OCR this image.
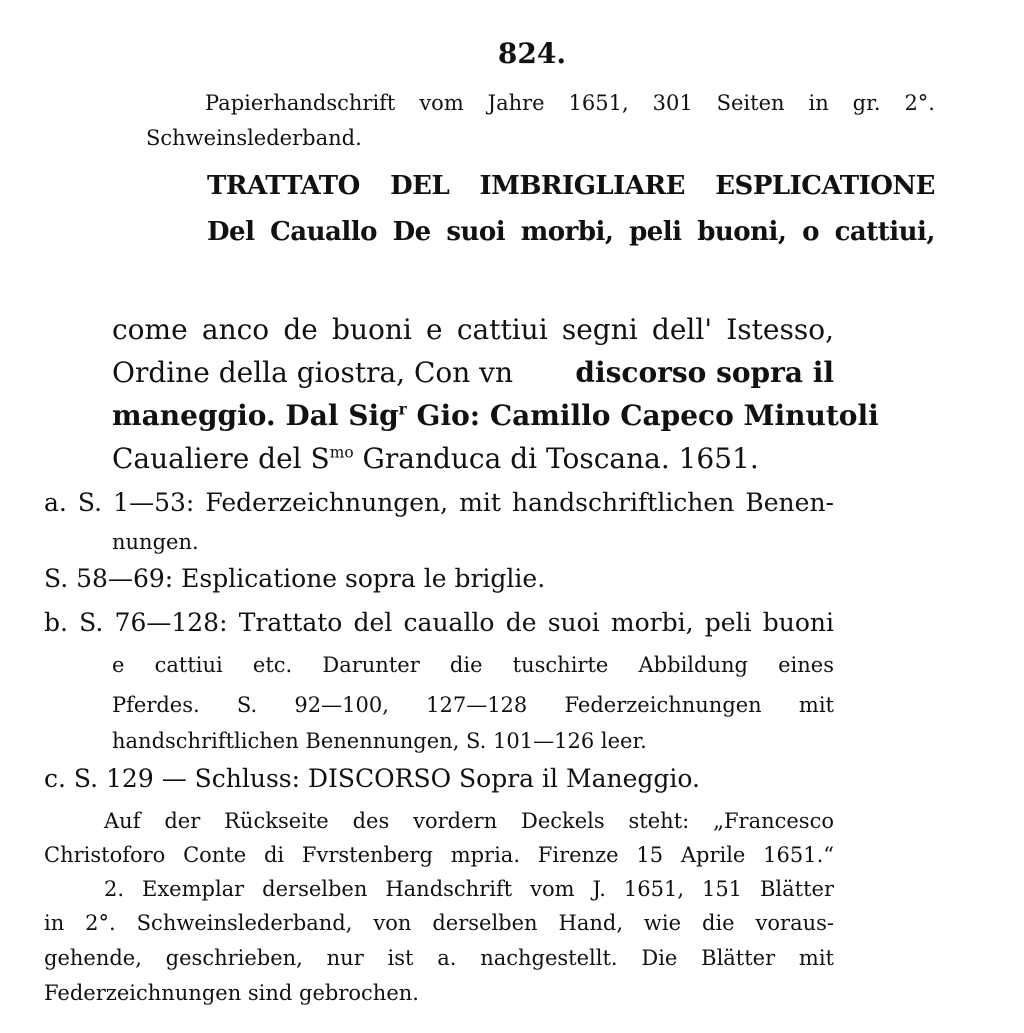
824.
Papierhandschrift vom Jahre 1651, 301 Seiten in gr. 2°.
Schweinslederband.
TRATTATO DEL IMBRIGLIARE ESPLICATIONE
Del Cauallo De suoi morbi, peli buoni, o cattiui,
come anco de buoni e cattiui segni dell' Istesso,
Ordine della giostra, Con vn discorso sopra il
maneggio. Dal Sig$^r$ Gio: Camillo Capeco Minutoli
Caualiere del $S^{mo}$ Granduca di Toscana. 1651.
a. S. 1—53: Federzeichnungen, mit handschriftlichen Benen-
nungen.
S. 58—69: Esplicatione sopra le briglie.
b. S. 76—128: Trattato del cauallo de suoi morbi, peli buoni
e cattiui etc. Darunter die tuschirte Abbildung eines
Pferdes. S. 92—100, 127—128 Federzeichnungen mit
handschriftlichen Benennungen, S. 101—126 leer.
c. S. 129 — Schluss: DISCORSO Sopra il Maneggio.
Auf der Rückseite des vordern Deckels steht: „Francesco
Christoforo Conte di Fvrstenberg mpria. Firenze 15 Aprile 1651.“
2. Exemplar derselben Handschrift vom J. 1651, 151 Blätter
in 2°. Schweinslederband, von derselben Hand, wie die voraus-
gehende, geschrieben, nur ist a. nachgestellt. Die Blätter mit
Federzeichnungen sind gebrochen.
